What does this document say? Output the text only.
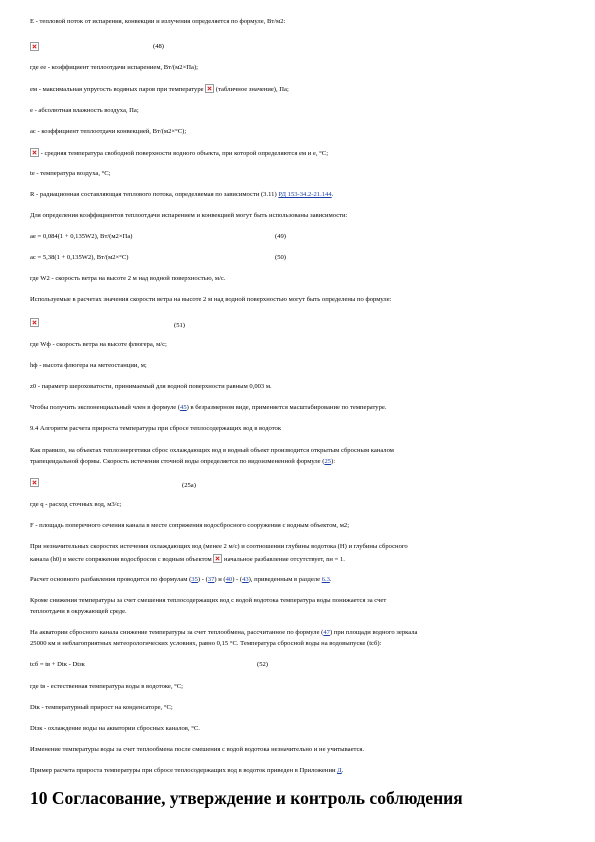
E - тепловой поток от испарения, конвекции и излучения определяется по формуле, Вт/м2:
(48)
где ее - коэффициент теплоотдачи испарением, Вт/(м2×Па);
ем - максимальная упругость водяных паров при температуре (табличное значение), Па;
е - абсолютная влажность воздуха, Па;
ас - коэффициент теплоотдачи конвекцией, Вт/(м2×°С);
- средняя температура свободной поверхности водного объекта, при которой определяются ем и е, °С;
te - температура воздуха, °С;
R - радиационная составляющая теплового потока, определяемая по зависимости (3.11) РД 153-34.2-21.144.
Для определения коэффициентов теплоотдачи испарением и конвекцией могут быть использованы зависимости:
ае = 0,084(1 + 0,135W2), Вт/(м2×Па)	(49)
ас = 5,38(1 + 0,135W2), Вт/(м2×°С)	(50)
где W2 - скорость ветра на высоте 2 м над водной поверхностью, м/с.
Используемые в расчетах значения скорости ветра на высоте 2 м над водной поверхностью могут быть определены по формуле:
(51)
где Wф - скорость ветра на высоте флюгера, м/с;
hф - высота флюгера на метеостанции, м;
z0 - параметр шероховатости, принимаемый для водной поверхности равным 0,003 м.
Чтобы получить экспоненциальный член в формуле (45) в безразмерном виде, применяется масштабирование по температуре.
9.4 Алгоритм расчета прироста температуры при сбросе теплосодержащих вод в водоток
Как правило, на объектах теплоэнергетики сброс охлаждающих вод в водный объект производится открытым сбросным каналом
трапецеидальной формы. Скорость истечения сточной воды определяется по видоизмененной формуле (25):
(25а)
где q - расход сточных вод, м3/с;
F - площадь поперечного сечения канала в месте сопряжения водосбросного сооружения с водным объектом, м2;
При незначительных скоростях истечения охлаждающих вод (менее 2 м/с) и соотношении глубины водотока (H) и глубины сбросного
канала (h0) в месте сопряжения водосбросов с водным объектом начальное разбавление отсутствует, nн = 1.
Расчет основного разбавления проводится по формулам (35) - (37) и (40) - (43), приведенным в разделе 6.3.
Кроме снижения температуры за счет смешения теплосодержащих вод с водой водотока температура воды понижается за счет
теплоотдачи в окружающей среде.
На акватории сбросного канала снижение температуры за счет теплообмена, рассчитанное по формуле (47) при площади водного зеркала
25000 км и неблагоприятных метеорологических условиях, равно 0,15 °С. Температура сбросной воды на водовыпуске (tсб):
tсб = tв + Dtк - Dtзк	(52)
где tв - естественная температура воды в водотоке, °С;
Dtк - температурный прирост на конденсаторе, °С;
Dtзк - охлаждение воды на акватории сбросных каналов, °С.
Изменение температуры воды за счет теплообмена после смешения с водой водотока незначительно и не учитывается.
Пример расчета прироста температуры при сбросе теплосодержащих вод в водоток приведен в Приложении Д.
10 Согласование, утверждение и контроль соблюдения
